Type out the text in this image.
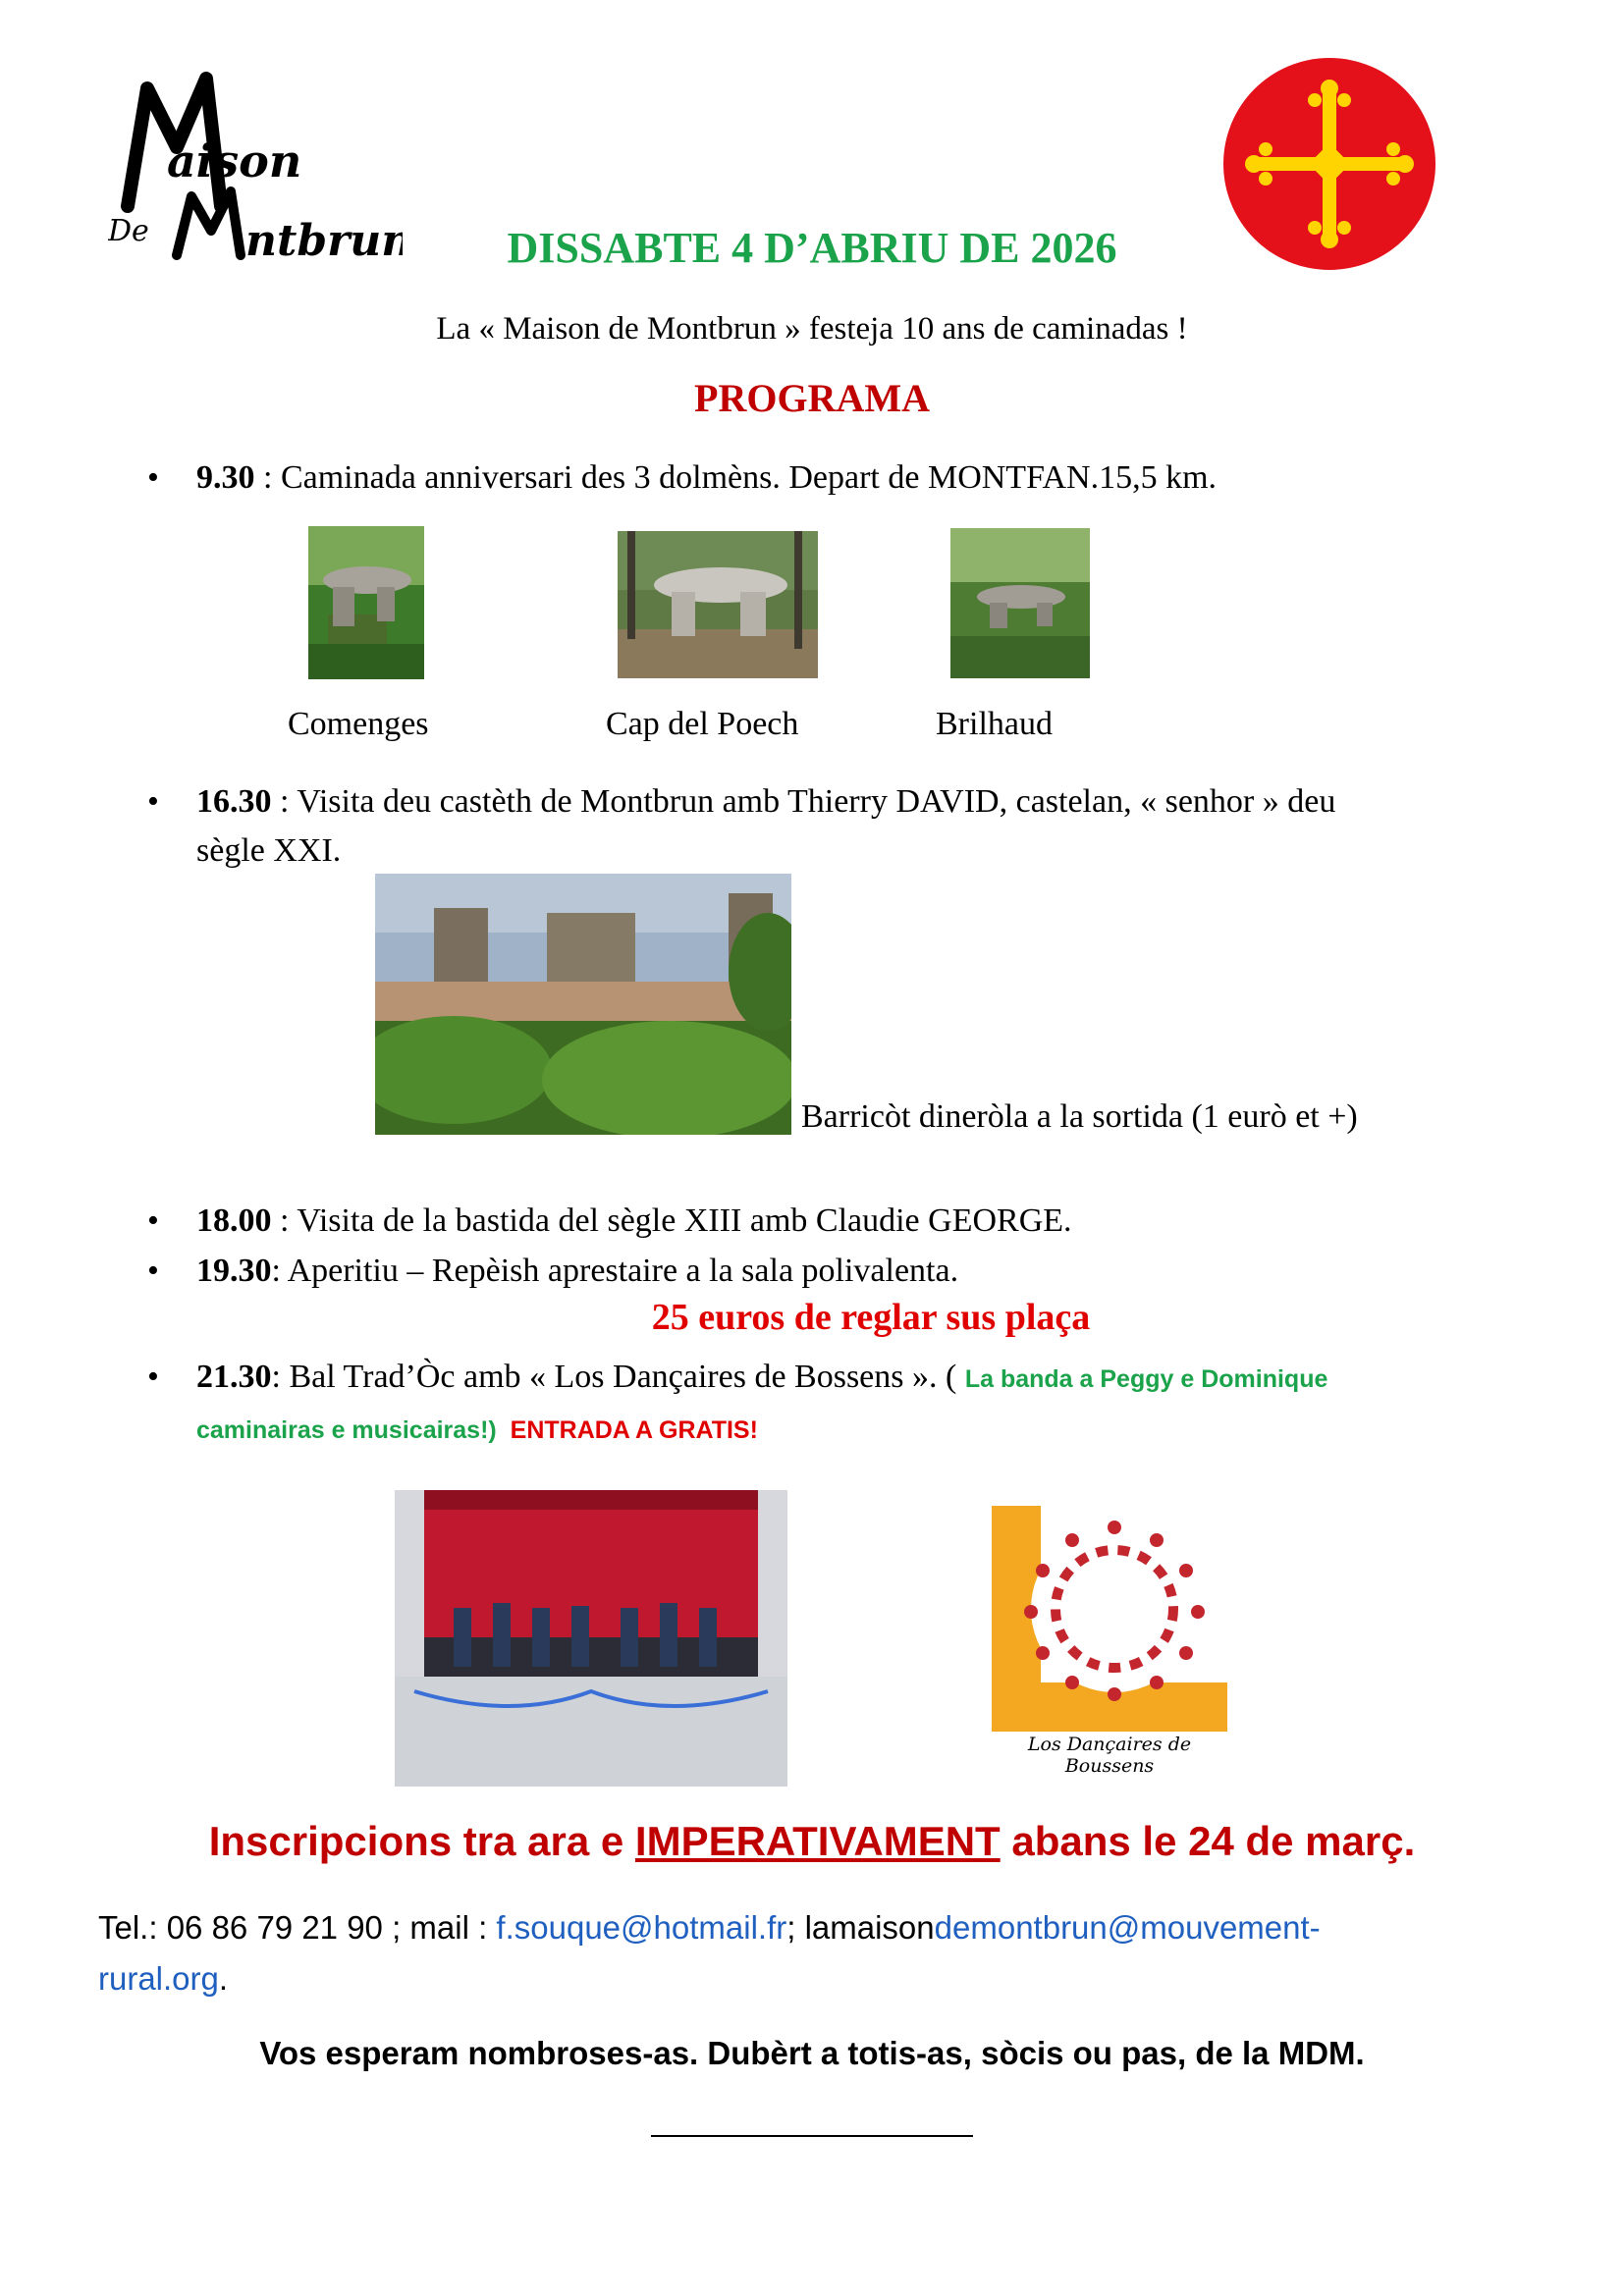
aison
De ntbrun	DISSABTE 4 D’ABRIU DE 2026
La « Maison de Montbrun » festeja 10 ans de caminadas !
PROGRAMA
• 9.30 : Caminada anniversari des 3 dolmèns. Depart de MONTFAN.15,5 km.
Comenges	Cap del Poech	Brilhaud
• 16.30 : Visita deu castèth de Montbrun amb Thierry DAVID, castelan, « senhor » deu
sègle XXI.
Barricòt dineròla a la sortida (1 eurò et +)
• 18.00 : Visita de la bastida del sègle XIII amb Claudie GEORGE.
• 19.30: Aperitiu – Repèish aprestaire a la sala polivalenta.
25 euros de reglar sus plaça
• 21.30: Bal Trad’Òc amb « Los Dançaires de Bossens ». ( La banda a Peggy e Dominique
caminairas e musicairas!) ENTRADA A GRATIS!
Los Dançaires de Boussens
Inscripcions tra ara e IMPERATIVAMENT abans le 24 de març.
Tel.: 06 86 79 21 90 ; mail : f.souque@hotmail.fr; lamaisondemontbrun@mouvement-
rural.org.
Vos esperam nombroses-as. Dubèrt a totis-as, sòcis ou pas, de la MDM.
